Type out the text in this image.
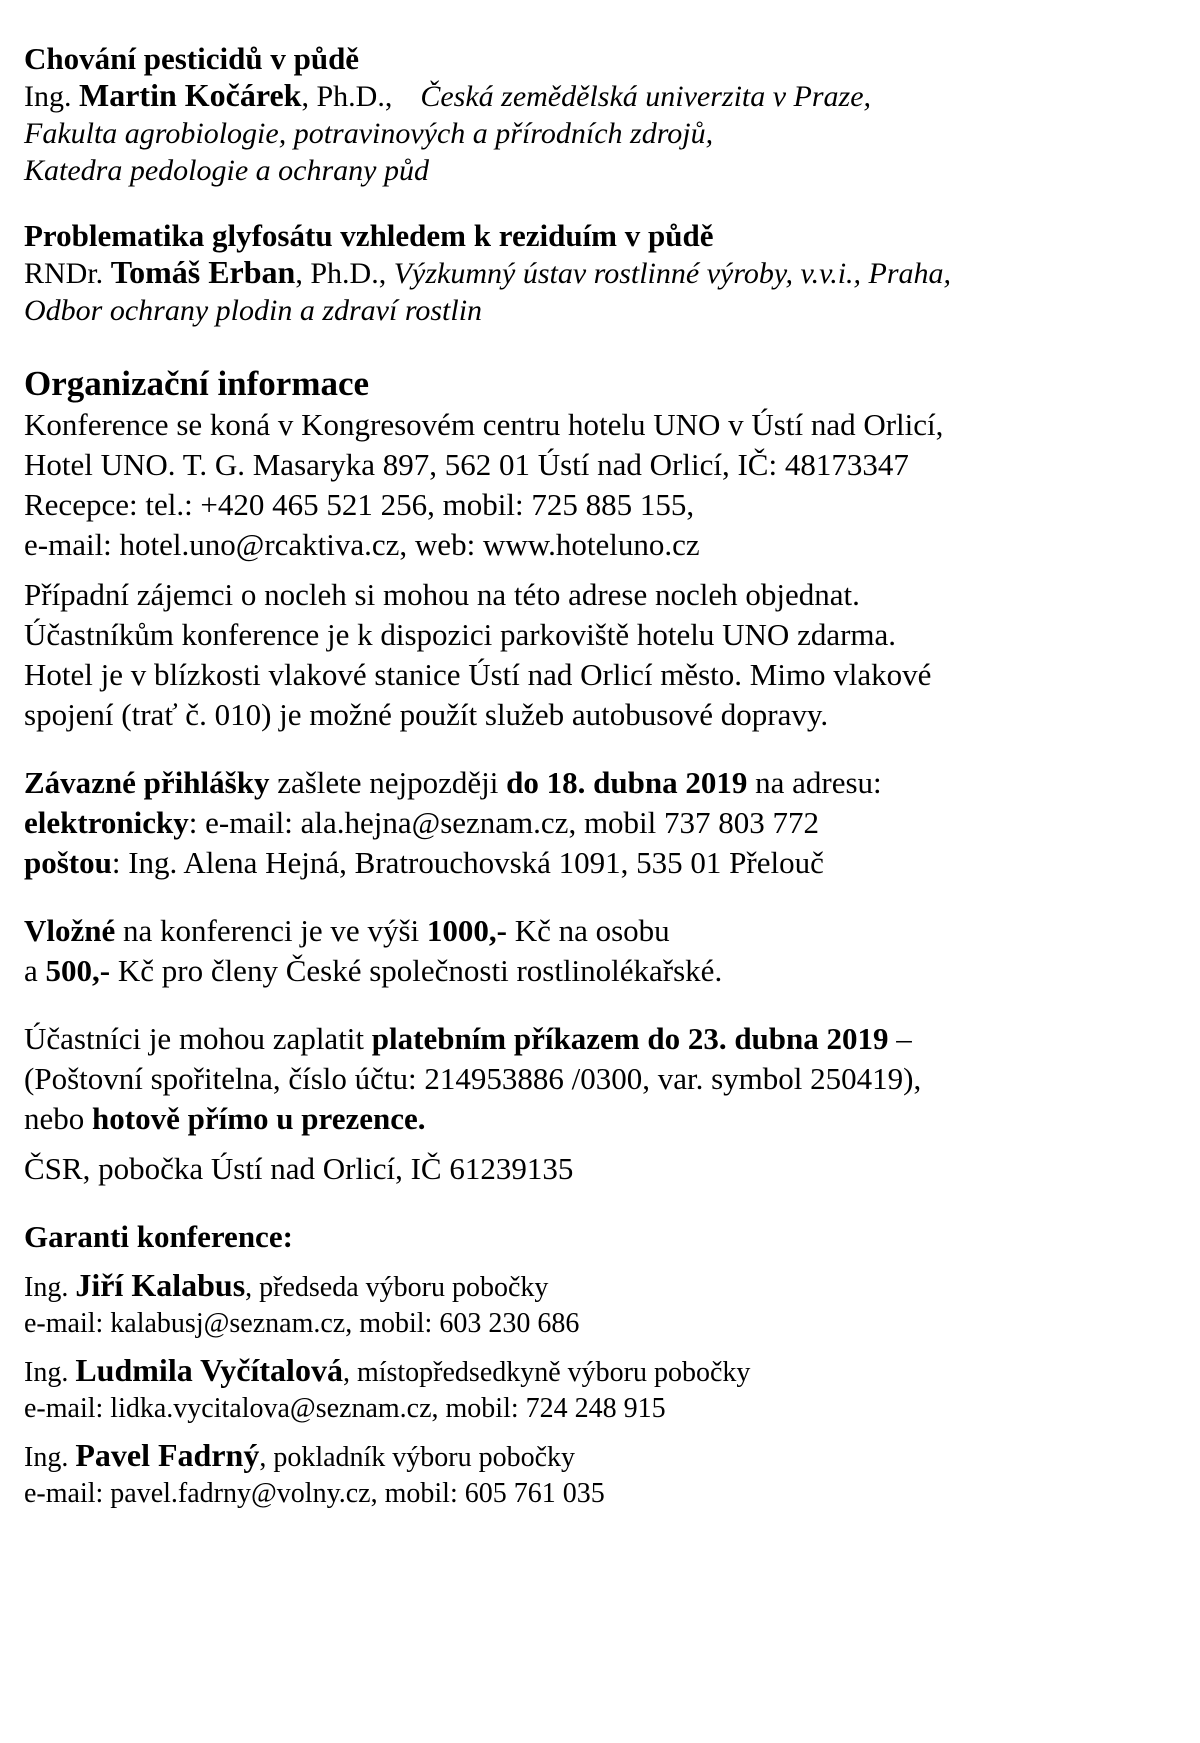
Chování pesticidů v půdě
Ing. Martin Kočárek, Ph.D., Česká zemědělská univerzita v Praze,
Fakulta agrobiologie, potravinových a přírodních zdrojů,
Katedra pedologie a ochrany půd
Problematika glyfosátu vzhledem k reziduím v půdě
RNDr. Tomáš Erban, Ph.D., Výzkumný ústav rostlinné výroby, v.v.i., Praha,
Odbor ochrany plodin a zdraví rostlin
Organizační informace
Konference se koná v Kongresovém centru hotelu UNO v Ústí nad Orlicí,
Hotel UNO. T. G. Masaryka 897, 562 01 Ústí nad Orlicí, IČ: 48173347
Recepce: tel.: +420 465 521 256, mobil: 725 885 155,
e-mail: hotel.uno@rcaktiva.cz, web: www.hoteluno.cz
Případní zájemci o nocleh si mohou na této adrese nocleh objednat.
Účastníkům konference je k dispozici parkoviště hotelu UNO zdarma.
Hotel je v blízkosti vlakové stanice Ústí nad Orlicí město. Mimo vlakové
spojení (trať č. 010) je možné použít služeb autobusové dopravy.
Závazné přihlášky zašlete nejpozději do 18. dubna 2019 na adresu:
elektronicky: e-mail: ala.hejna@seznam.cz, mobil 737 803 772
poštou: Ing. Alena Hejná, Bratrouchovská 1091, 535 01 Přelouč
Vložné na konferenci je ve výši 1000,- Kč na osobu
a 500,- Kč pro členy České společnosti rostlinolékařské.
Účastníci je mohou zaplatit platebním příkazem do 23. dubna 2019 –
(Poštovní spořitelna, číslo účtu: 214953886 /0300, var. symbol 250419),
nebo hotově přímo u prezence.
ČSR, pobočka Ústí nad Orlicí, IČ 61239135
Garanti konference:
Ing. Jiří Kalabus, předseda výboru pobočky
e-mail: kalabusj@seznam.cz, mobil: 603 230 686
Ing. Ludmila Vyčítalová, místopředsedkyně výboru pobočky
e-mail: lidka.vycitalova@seznam.cz, mobil: 724 248 915
Ing. Pavel Fadrný, pokladník výboru pobočky
e-mail: pavel.fadrny@volny.cz, mobil: 605 761 035
